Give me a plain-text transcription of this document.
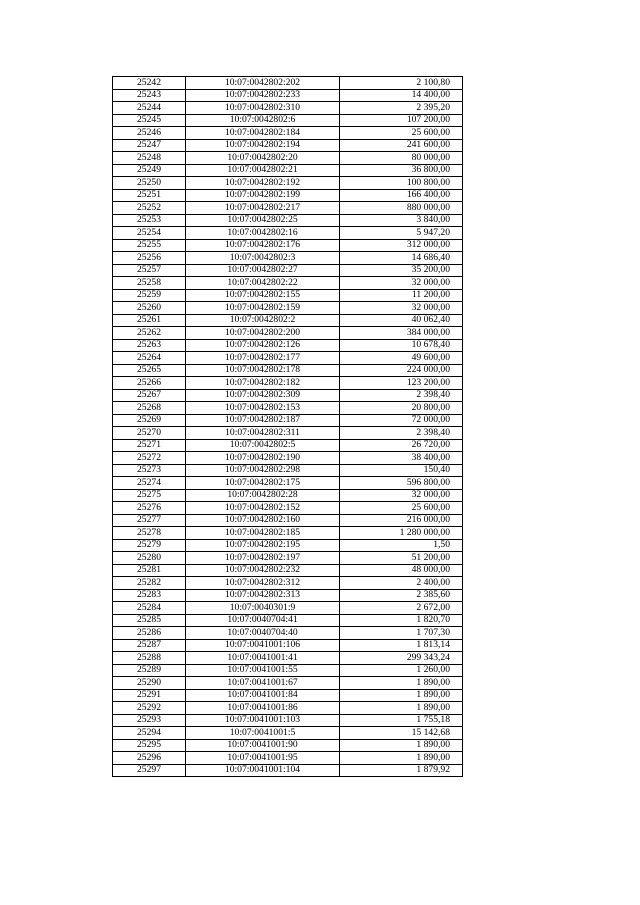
25242	10:07:0042802:202	2 100,80
25243	10:07:0042802:233	14 400,00
25244	10:07:0042802:310	2 395,20
25245	10:07:0042802:6	107 200,00
25246	10:07:0042802:184	25 600,00
25247	10:07:0042802:194	241 600,00
25248	10:07:0042802:20	80 000,00
25249	10:07:0042802:21	36 800,00
25250	10:07:0042802:192	100 800,00
25251	10:07:0042802:199	166 400,00
25252	10:07:0042802:217	880 000,00
25253	10:07:0042802:25	3 840,00
25254	10:07:0042802:16	5 947,20
25255	10:07:0042802:176	312 000,00
25256	10:07:0042802:3	14 686,40
25257	10:07:0042802:27	35 200,00
25258	10:07:0042802:22	32 000,00
25259	10:07:0042802:155	11 200,00
25260	10:07:0042802:159	32 000,00
25261	10:07:0042802:2	40 062,40
25262	10:07:0042802:200	384 000,00
25263	10:07:0042802:126	10 678,40
25264	10:07:0042802:177	49 600,00
25265	10:07:0042802:178	224 000,00
25266	10:07:0042802:182	123 200,00
25267	10:07:0042802:309	2 398,40
25268	10:07:0042802:153	20 800,00
25269	10:07:0042802:187	72 000,00
25270	10:07:0042802:311	2 398,40
25271	10:07:0042802:5	26 720,00
25272	10:07:0042802:190	38 400,00
25273	10:07:0042802:298	150,40
25274	10:07:0042802:175	596 800,00
25275	10:07:0042802:28	32 000,00
25276	10:07:0042802:152	25 600,00
25277	10:07:0042802:160	216 000,00
25278	10:07:0042802:185	1 280 000,00
25279	10:07:0042802:195	1,50
25280	10:07:0042802:197	51 200,00
25281	10:07:0042802:232	48 000,00
25282	10:07:0042802:312	2 400,00
25283	10:07:0042802:313	2 385,60
25284	10:07:0040301:9	2 672,00
25285	10:07:0040704:41	1 820,70
25286	10:07:0040704:40	1 707,30
25287	10:07:0041001:106	1 813,14
25288	10:07:0041001:41	299 343,24
25289	10:07:0041001:55	1 260,00
25290	10:07:0041001:67	1 890,00
25291	10:07:0041001:84	1 890,00
25292	10:07:0041001:86	1 890,00
25293	10:07:0041001:103	1 755,18
25294	10:07:0041001:5	15 142,68
25295	10:07:0041001:90	1 890,00
25296	10:07:0041001:95	1 890,00
25297	10:07:0041001:104	1 879,92
